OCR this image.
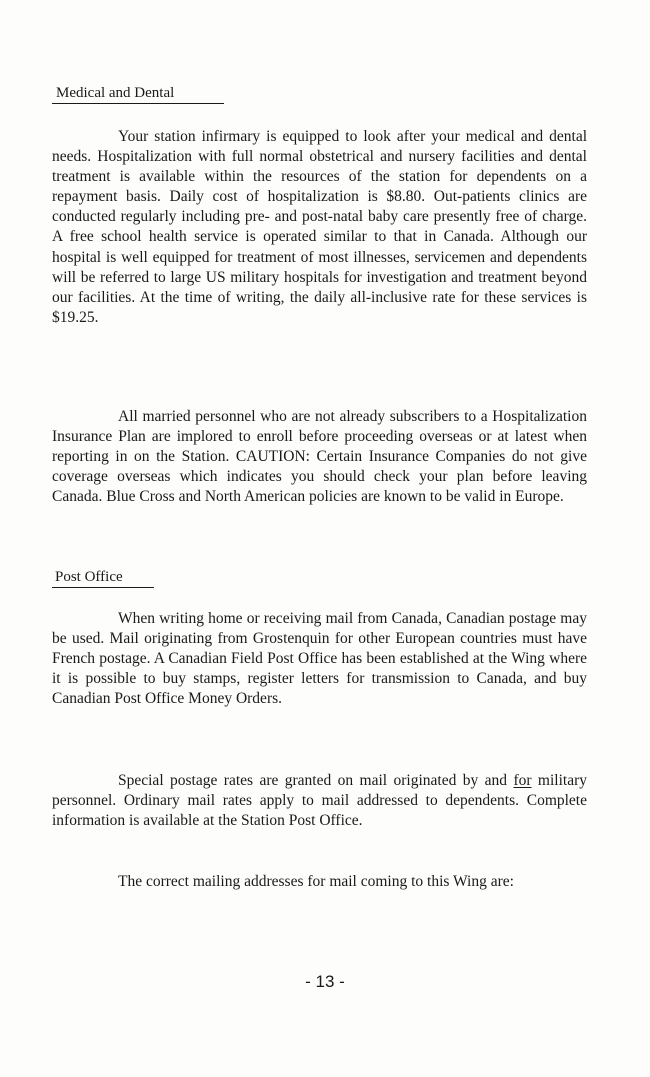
Medical and Dental

Your station infirmary is equipped to look after your medical and dental needs. Hospitalization with full normal obstetrical and nursery facilities and dental treatment is available within the resources of the station for dependents on a repayment basis. Daily cost of hospitalization is $8.80. Out-patients clinics are conducted regularly including pre- and post-natal baby care presently free of charge. A free school health service is operated similar to that in Canada. Although our hospital is well equipped for treatment of most illnesses, servicemen and dependents will be referred to large US military hospitals for investigation and treatment beyond our facilities. At the time of writing, the daily all-inclusive rate for these services is $19.25.

All married personnel who are not already subscribers to a Hospitalization Insurance Plan are implored to enroll before proceeding overseas or at latest when reporting in on the Station. CAUTION: Certain Insurance Companies do not give coverage overseas which indicates you should check your plan before leaving Canada. Blue Cross and North American policies are known to be valid in Europe.

Post Office

When writing home or receiving mail from Canada, Canadian postage may be used. Mail originating from Grostenquin for other European countries must have French postage. A Canadian Field Post Office has been established at the Wing where it is possible to buy stamps, register letters for transmission to Canada, and buy Canadian Post Office Money Orders.

Special postage rates are granted on mail originated by and for military personnel. Ordinary mail rates apply to mail addressed to dependents. Complete information is available at the Station Post Office.

The correct mailing addresses for mail coming to this Wing are:

- 13 -
